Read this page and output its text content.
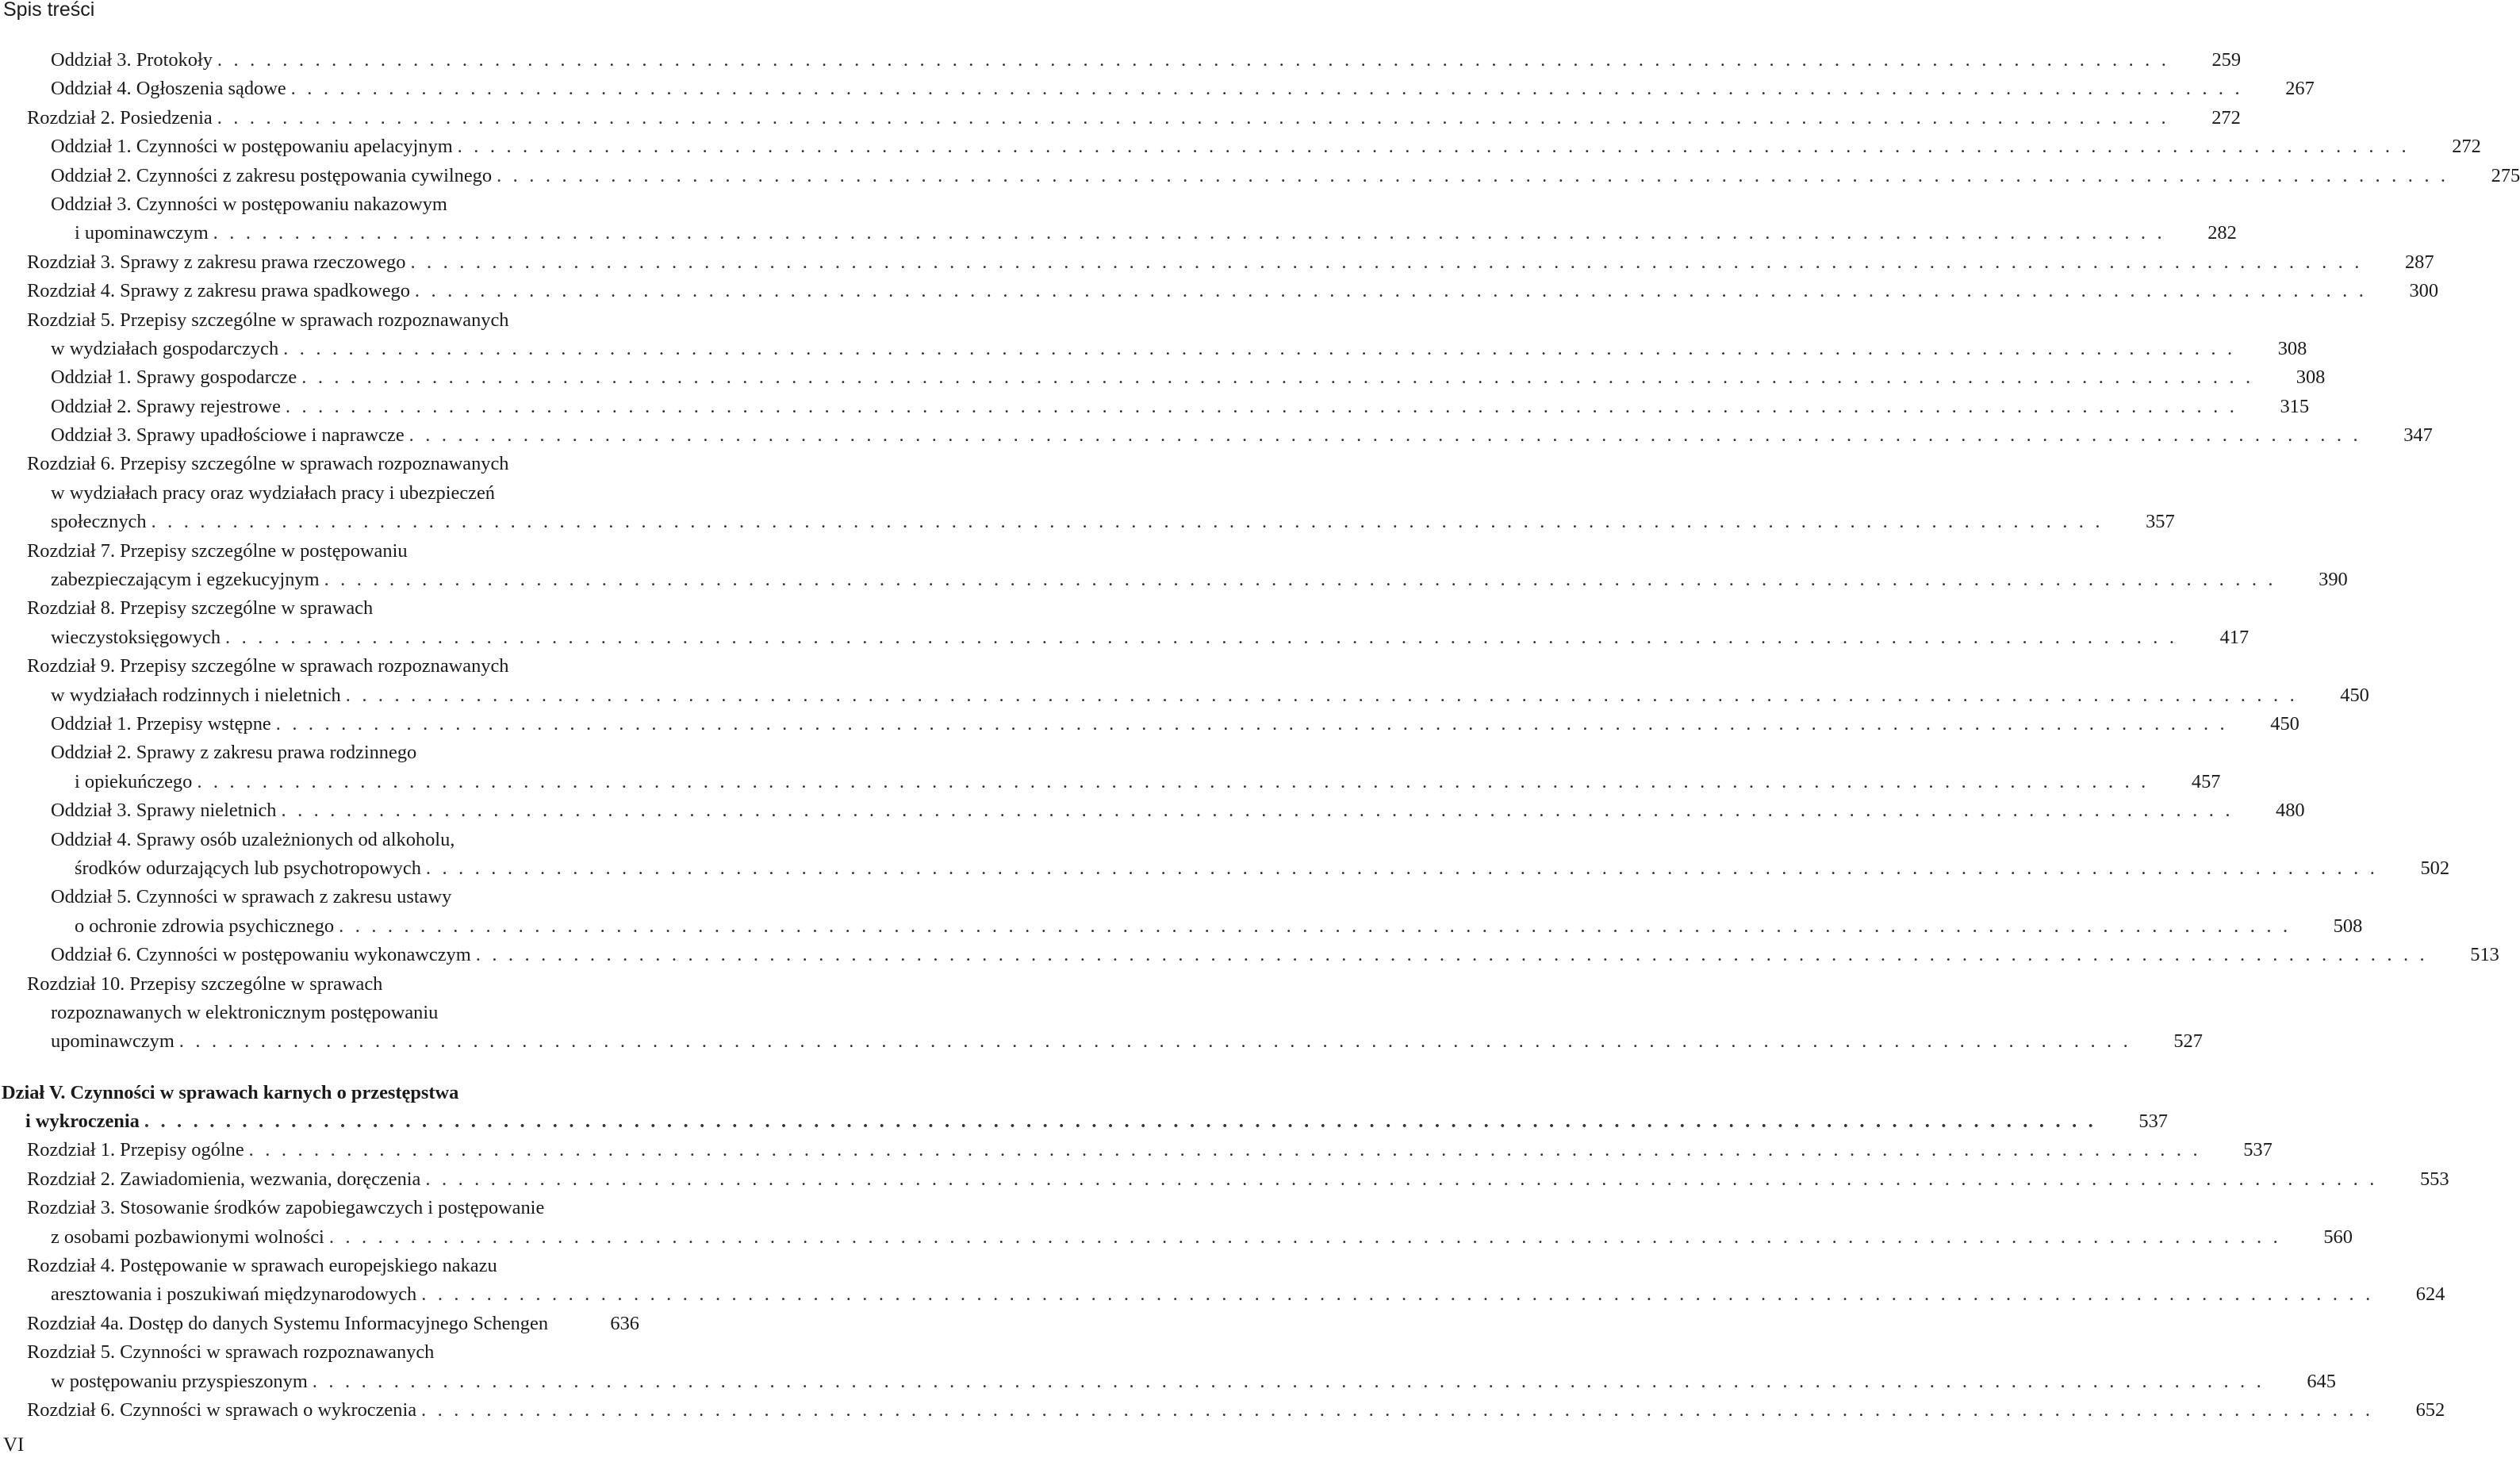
Spis treści
Oddział 3. Protokoły . . . . . . . . . . . . . . . . . . . . . . . . . . . . . . . . . . . . . . . . . . . . . . . . . . . . . . . . . . . . . . . . . . . . . . . . . . . . . . . . . . . . . . . . . . . . . . . . . . . . . . . . . . . . . . . . . . . . . . . .	259
Oddział 4. Ogłoszenia sądowe . . . . . . . . . . . . . . . . . . . . . . . . . . . . . . . . . . . . . . . . . . . . . . . . . . . . . . . . . . . . . . . . . . . . . . . . . . . . . . . . . . . . . . . . . . . . . . . . . . . . . . . . . . . . . . . . . . . . . . . .	267
Rozdział 2. Posiedzenia . . . . . . . . . . . . . . . . . . . . . . . . . . . . . . . . . . . . . . . . . . . . . . . . . . . . . . . . . . . . . . . . . . . . . . . . . . . . . . . . . . . . . . . . . . . . . . . . . . . . . . . . . . . . . . . . . . . . . . . .	272
Oddział 1. Czynności w postępowaniu apelacyjnym . . . . . . . . . . . . . . . . . . . . . . . . . . . . . . . . . . . . . . . . . . . . . . . . . . . . . . . . . . . . . . . . . . . . . . . . . . . . . . . . . . . . . . . . . . . . . . . . . . . . . . . . . . . . . . . . . . . . . . . .	272
Oddział 2. Czynności z zakresu postępowania cywilnego . . . . . . . . . . . . . . . . . . . . . . . . . . . . . . . . . . . . . . . . . . . . . . . . . . . . . . . . . . . . . . . . . . . . . . . . . . . . . . . . . . . . . . . . . . . . . . . . . . . . . . . . . . . . . . . . . . . . . . . .	275
Oddział 3. Czynności w postępowaniu nakazowym
i upominawczym . . . . . . . . . . . . . . . . . . . . . . . . . . . . . . . . . . . . . . . . . . . . . . . . . . . . . . . . . . . . . . . . . . . . . . . . . . . . . . . . . . . . . . . . . . . . . . . . . . . . . . . . . . . . . . . . . . . . . . . .	282
Rozdział 3. Sprawy z zakresu prawa rzeczowego . . . . . . . . . . . . . . . . . . . . . . . . . . . . . . . . . . . . . . . . . . . . . . . . . . . . . . . . . . . . . . . . . . . . . . . . . . . . . . . . . . . . . . . . . . . . . . . . . . . . . . . . . . . . . . . . . . . . . . . .	287
Rozdział 4. Sprawy z zakresu prawa spadkowego . . . . . . . . . . . . . . . . . . . . . . . . . . . . . . . . . . . . . . . . . . . . . . . . . . . . . . . . . . . . . . . . . . . . . . . . . . . . . . . . . . . . . . . . . . . . . . . . . . . . . . . . . . . . . . . . . . . . . . . .	300
Rozdział 5. Przepisy szczególne w sprawach rozpoznawanych
w wydziałach gospodarczych . . . . . . . . . . . . . . . . . . . . . . . . . . . . . . . . . . . . . . . . . . . . . . . . . . . . . . . . . . . . . . . . . . . . . . . . . . . . . . . . . . . . . . . . . . . . . . . . . . . . . . . . . . . . . . . . . . . . . . . .	308
Oddział 1. Sprawy gospodarcze . . . . . . . . . . . . . . . . . . . . . . . . . . . . . . . . . . . . . . . . . . . . . . . . . . . . . . . . . . . . . . . . . . . . . . . . . . . . . . . . . . . . . . . . . . . . . . . . . . . . . . . . . . . . . . . . . . . . . . . .	308
Oddział 2. Sprawy rejestrowe . . . . . . . . . . . . . . . . . . . . . . . . . . . . . . . . . . . . . . . . . . . . . . . . . . . . . . . . . . . . . . . . . . . . . . . . . . . . . . . . . . . . . . . . . . . . . . . . . . . . . . . . . . . . . . . . . . . . . . . .	315
Oddział 3. Sprawy upadłościowe i naprawcze . . . . . . . . . . . . . . . . . . . . . . . . . . . . . . . . . . . . . . . . . . . . . . . . . . . . . . . . . . . . . . . . . . . . . . . . . . . . . . . . . . . . . . . . . . . . . . . . . . . . . . . . . . . . . . . . . . . . . . . .	347
Rozdział 6. Przepisy szczególne w sprawach rozpoznawanych
w wydziałach pracy oraz wydziałach pracy i ubezpieczeń
społecznych . . . . . . . . . . . . . . . . . . . . . . . . . . . . . . . . . . . . . . . . . . . . . . . . . . . . . . . . . . . . . . . . . . . . . . . . . . . . . . . . . . . . . . . . . . . . . . . . . . . . . . . . . . . . . . . . . . . . . . . .	357
Rozdział 7. Przepisy szczególne w postępowaniu
zabezpieczającym i egzekucyjnym . . . . . . . . . . . . . . . . . . . . . . . . . . . . . . . . . . . . . . . . . . . . . . . . . . . . . . . . . . . . . . . . . . . . . . . . . . . . . . . . . . . . . . . . . . . . . . . . . . . . . . . . . . . . . . . . . . . . . . . .	390
Rozdział 8. Przepisy szczególne w sprawach
wieczystoksięgowych . . . . . . . . . . . . . . . . . . . . . . . . . . . . . . . . . . . . . . . . . . . . . . . . . . . . . . . . . . . . . . . . . . . . . . . . . . . . . . . . . . . . . . . . . . . . . . . . . . . . . . . . . . . . . . . . . . . . . . . .	417
Rozdział 9. Przepisy szczególne w sprawach rozpoznawanych
w wydziałach rodzinnych i nieletnich . . . . . . . . . . . . . . . . . . . . . . . . . . . . . . . . . . . . . . . . . . . . . . . . . . . . . . . . . . . . . . . . . . . . . . . . . . . . . . . . . . . . . . . . . . . . . . . . . . . . . . . . . . . . . . . . . . . . . . . .	450
Oddział 1. Przepisy wstępne . . . . . . . . . . . . . . . . . . . . . . . . . . . . . . . . . . . . . . . . . . . . . . . . . . . . . . . . . . . . . . . . . . . . . . . . . . . . . . . . . . . . . . . . . . . . . . . . . . . . . . . . . . . . . . . . . . . . . . . .	450
Oddział 2. Sprawy z zakresu prawa rodzinnego
i opiekuńczego . . . . . . . . . . . . . . . . . . . . . . . . . . . . . . . . . . . . . . . . . . . . . . . . . . . . . . . . . . . . . . . . . . . . . . . . . . . . . . . . . . . . . . . . . . . . . . . . . . . . . . . . . . . . . . . . . . . . . . . .	457
Oddział 3. Sprawy nieletnich . . . . . . . . . . . . . . . . . . . . . . . . . . . . . . . . . . . . . . . . . . . . . . . . . . . . . . . . . . . . . . . . . . . . . . . . . . . . . . . . . . . . . . . . . . . . . . . . . . . . . . . . . . . . . . . . . . . . . . . .	480
Oddział 4. Sprawy osób uzależnionych od alkoholu,
środków odurzających lub psychotropowych . . . . . . . . . . . . . . . . . . . . . . . . . . . . . . . . . . . . . . . . . . . . . . . . . . . . . . . . . . . . . . . . . . . . . . . . . . . . . . . . . . . . . . . . . . . . . . . . . . . . . . . . . . . . . . . . . . . . . . . .	502
Oddział 5. Czynności w sprawach z zakresu ustawy
o ochronie zdrowia psychicznego . . . . . . . . . . . . . . . . . . . . . . . . . . . . . . . . . . . . . . . . . . . . . . . . . . . . . . . . . . . . . . . . . . . . . . . . . . . . . . . . . . . . . . . . . . . . . . . . . . . . . . . . . . . . . . . . . . . . . . . .	508
Oddział 6. Czynności w postępowaniu wykonawczym . . . . . . . . . . . . . . . . . . . . . . . . . . . . . . . . . . . . . . . . . . . . . . . . . . . . . . . . . . . . . . . . . . . . . . . . . . . . . . . . . . . . . . . . . . . . . . . . . . . . . . . . . . . . . . . . . . . . . . . .	513
Rozdział 10. Przepisy szczególne w sprawach
rozpoznawanych w elektronicznym postępowaniu
upominawczym . . . . . . . . . . . . . . . . . . . . . . . . . . . . . . . . . . . . . . . . . . . . . . . . . . . . . . . . . . . . . . . . . . . . . . . . . . . . . . . . . . . . . . . . . . . . . . . . . . . . . . . . . . . . . . . . . . . . . . . .	527
Dział V. Czynności w sprawach karnych o przestępstwa
i wykroczenia . . . . . . . . . . . . . . . . . . . . . . . . . . . . . . . . . . . . . . . . . . . . . . . . . . . . . . . . . . . . . . . . . . . . . . . . . . . . . . . . . . . . . . . . . . . . . . . . . . . . . . . . . . . . . . . . . . . . . . . .	537
Rozdział 1. Przepisy ogólne . . . . . . . . . . . . . . . . . . . . . . . . . . . . . . . . . . . . . . . . . . . . . . . . . . . . . . . . . . . . . . . . . . . . . . . . . . . . . . . . . . . . . . . . . . . . . . . . . . . . . . . . . . . . . . . . . . . . . . . .	537
Rozdział 2. Zawiadomienia, wezwania, doręczenia . . . . . . . . . . . . . . . . . . . . . . . . . . . . . . . . . . . . . . . . . . . . . . . . . . . . . . . . . . . . . . . . . . . . . . . . . . . . . . . . . . . . . . . . . . . . . . . . . . . . . . . . . . . . . . . . . . . . . . . .	553
Rozdział 3. Stosowanie środków zapobiegawczych i postępowanie
z osobami pozbawionymi wolności . . . . . . . . . . . . . . . . . . . . . . . . . . . . . . . . . . . . . . . . . . . . . . . . . . . . . . . . . . . . . . . . . . . . . . . . . . . . . . . . . . . . . . . . . . . . . . . . . . . . . . . . . . . . . . . . . . . . . . . .	560
Rozdział 4. Postępowanie w sprawach europejskiego nakazu
aresztowania i poszukiwań międzynarodowych . . . . . . . . . . . . . . . . . . . . . . . . . . . . . . . . . . . . . . . . . . . . . . . . . . . . . . . . . . . . . . . . . . . . . . . . . . . . . . . . . . . . . . . . . . . . . . . . . . . . . . . . . . . . . . . . . . . . . . . .	624
Rozdział 4a. Dostęp do danych Systemu Informacyjnego Schengen	636
Rozdział 5. Czynności w sprawach rozpoznawanych
w postępowaniu przyspieszonym . . . . . . . . . . . . . . . . . . . . . . . . . . . . . . . . . . . . . . . . . . . . . . . . . . . . . . . . . . . . . . . . . . . . . . . . . . . . . . . . . . . . . . . . . . . . . . . . . . . . . . . . . . . . . . . . . . . . . . . .	645
Rozdział 6. Czynności w sprawach o wykroczenia . . . . . . . . . . . . . . . . . . . . . . . . . . . . . . . . . . . . . . . . . . . . . . . . . . . . . . . . . . . . . . . . . . . . . . . . . . . . . . . . . . . . . . . . . . . . . . . . . . . . . . . . . . . . . . . . . . . . . . . .	652
VI
